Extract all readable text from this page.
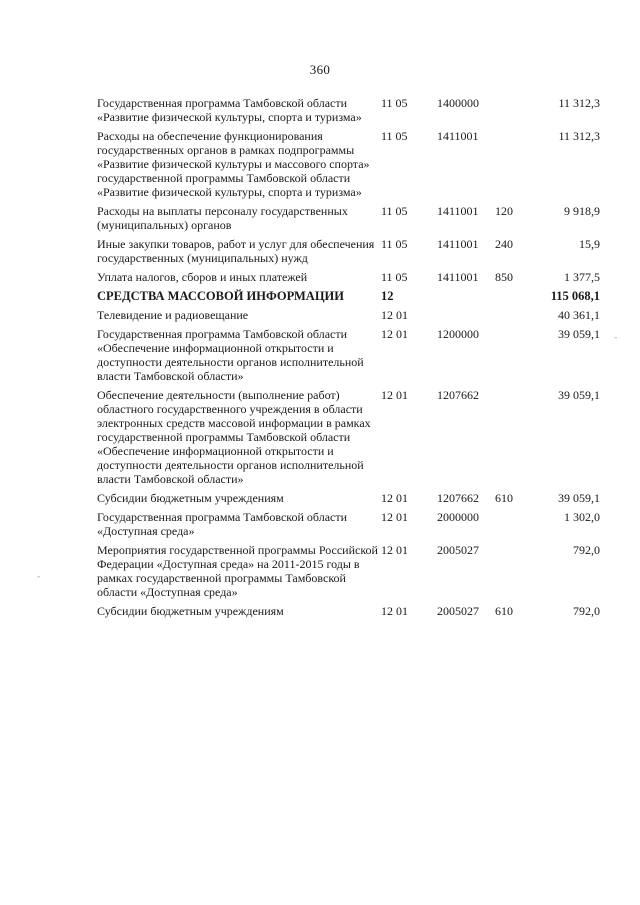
360
Государственная программа Тамбовской области «Развитие физической культуры, спорта и туризма»	11 05	1400000		11 312,3
Расходы на обеспечение функционирования государственных органов в рамках подпрограммы «Развитие физической культуры и массового спорта» государственной программы Тамбовской области «Развитие физической культуры, спорта и туризма»	11 05	1411001		11 312,3
Расходы на выплаты персоналу государственных (муниципальных) органов	11 05	1411001	120	9 918,9
Иные закупки товаров, работ и услуг для обеспечения государственных (муниципальных) нужд	11 05	1411001	240	15,9
Уплата налогов, сборов и иных платежей	11 05	1411001	850	1 377,5
СРЕДСТВА МАССОВОЙ ИНФОРМАЦИИ	12			115 068,1
Телевидение и радиовещание	12 01			40 361,1
Государственная программа Тамбовской области «Обеспечение информационной открытости и доступности деятельности органов исполнительной власти Тамбовской области»	12 01	1200000		39 059,1
Обеспечение деятельности (выполнение работ) областного государственного учреждения в области электронных средств массовой информации в рамках государственной программы Тамбовской области «Обеспечение информационной открытости и доступности деятельности органов исполнительной власти Тамбовской области»	12 01	1207662		39 059,1
Субсидии бюджетным учреждениям	12 01	1207662	610	39 059,1
Государственная программа Тамбовской области «Доступная среда»	12 01	2000000		1 302,0
Мероприятия государственной программы Российской Федерации «Доступная среда» на 2011-2015 годы в рамках государственной программы Тамбовской области «Доступная среда»	12 01	2005027		792,0
Субсидии бюджетным учреждениям	12 01	2005027	610	792,0
-
-
